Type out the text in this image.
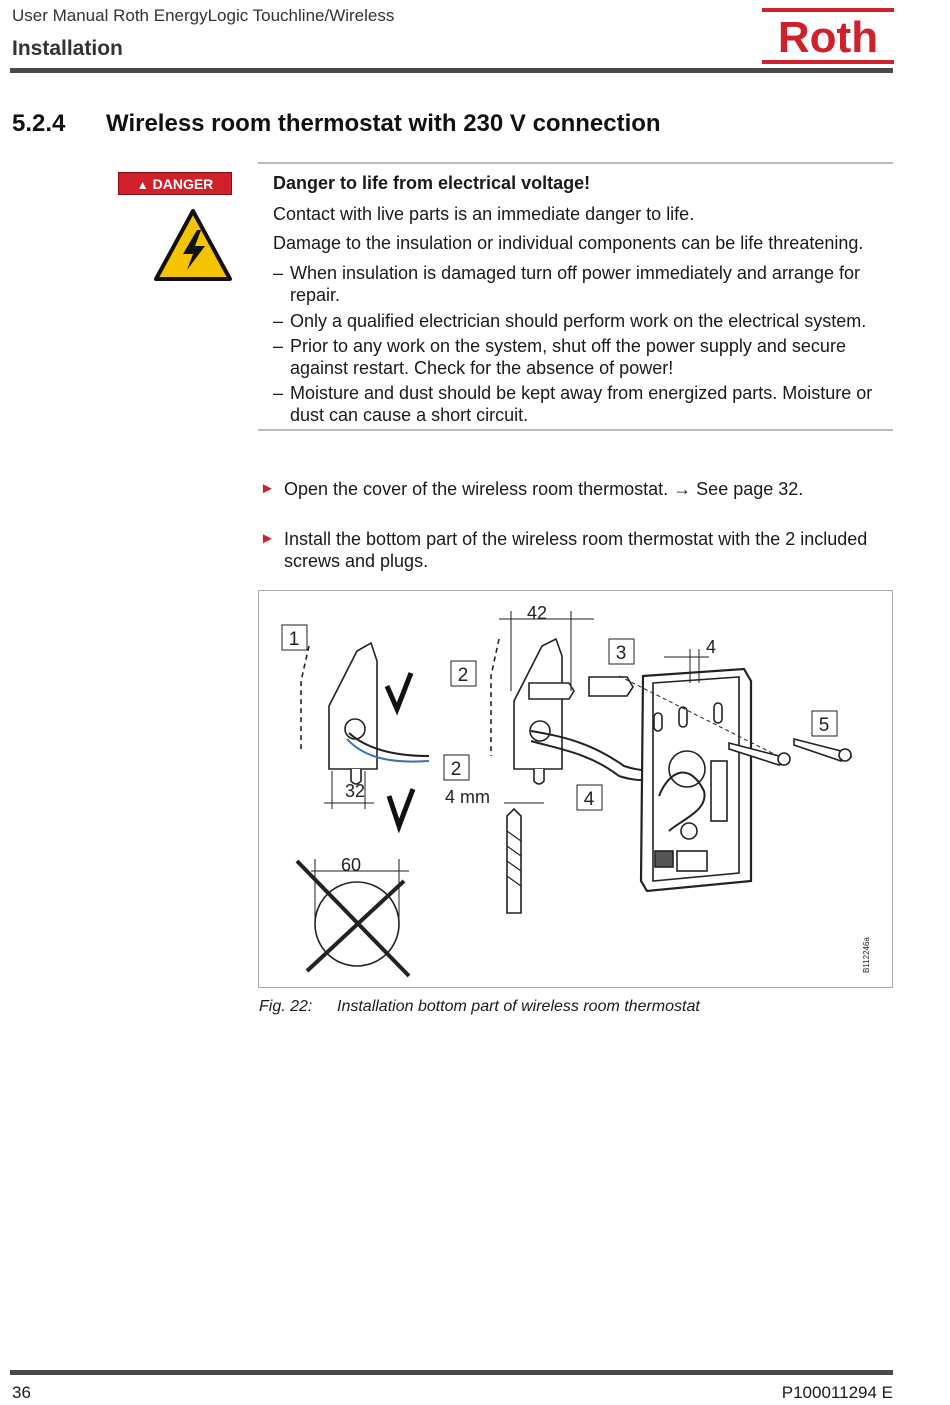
User Manual Roth EnergyLogic Touchline/Wireless
Installation	Roth
5.2.4 Wireless room thermostat with 230 V connection
▲ DANGER	Danger to life from electrical voltage!
Contact with live parts is an immediate danger to life.
Damage to the insulation or individual components can be life threatening.
– When insulation is damaged turn off power immediately and arrange for repair.
– Only a qualified electrician should perform work on the electrical system.
– Prior to any work on the system, shut off the power supply and secure against restart. Check for the absence of power!
– Moisture and dust should be kept away from energized parts. Moisture or dust can cause a short circuit.
► Open the cover of the wireless room thermostat. → See page 32.
► Install the bottom part of the wireless room thermostat with the 2 included screws and plugs.
1
2
2
3
4
5
42
4
32
60
4 mm
B112246a
Fig. 22: Installation bottom part of wireless room thermostat
36	P100011294 E
